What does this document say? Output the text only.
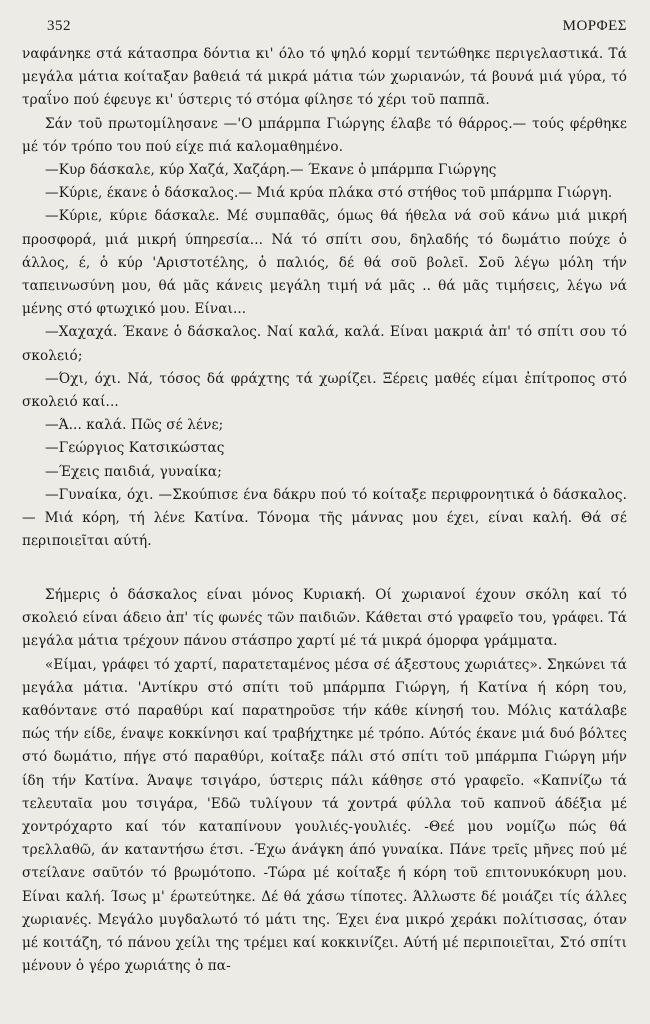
352	ΜΟΡΦΕΣ

ναφάνηκε στά κάτασπρα δόντια κι' όλο τό ψηλό κορμί τεντώθηκε περιγελαστικά. Τά μεγάλα μάτια κοίταξαν βαθειά τά μικρά μάτια τών χωριανών, τά βουνά μιά γύρα, τό τραΐνο πού έφευγε κι' ύστερις τό στόμα φίλησε τό χέρι τοῦ παππᾶ.

Σάν τοῦ πρωτομίλησανε —'Ο μπάρμπα Γιώργης έλαβε τό θάρρος.— τούς φέρθηκε μέ τόν τρόπο του πού είχε πιά καλομαθημένο.

—Κυρ δάσκαλε, κύρ Χαζά, Χαζάρη.— Έκανε ὁ μπάρμπα Γιώργης

—Κύριε, έκανε ὁ δάσκαλος.— Μιά κρύα πλάκα στό στήθος τοῦ μπάρμπα Γιώργη.

—Κύριε, κύριε δάσκαλε. Μέ συμπαθᾶς, όμως θά ήθελα νά σοῦ κάνω μιά μικρή προσφορά, μιά μικρή ύπηρεσία... Νά τό σπίτι σου, δηλαδής τό δωμάτιο πούχε ὁ άλλος, έ, ὁ κύρ 'Αριστοτέλης, ὁ παλιός, δέ θά σοῦ βολεῖ. Σοῦ λέγω μόλη τήν ταπεινωσύνη μου, θά μᾶς κάνεις μεγάλη τιμή νά μᾶς .. θά μᾶς τιμήσεις, λέγω νά μένης στό φτωχικό μου. Είναι...

—Χαχαχά. Έκανε ὁ δάσκαλος. Ναί καλά, καλά. Είναι μακριά ἀπ' τό σπίτι σου τό σκολειό;

—Όχι, όχι. Νά, τόσος δά φράχτης τά χωρίζει. Ξέρεις μαθές είμαι ἐπίτροπος στό σκολειό καί...

—Ά... καλά. Πῶς σέ λένε;

—Γεώργιος Κατσικώστας

—Έχεις παιδιά, γυναίκα;

—Γυναίκα, όχι. —Σκούπισε ένα δάκρυ πού τό κοίταξε περιφρονητικά ὁ δάσκαλος.— Μιά κόρη, τή λένε Κατίνα. Τόνομα τῆς μάννας μου έχει, είναι καλή. Θά σέ περιποιεῖται αύτή.

Σήμερις ὁ δάσκαλος είναι μόνος Κυριακή. Οί χωριανοί έχουν σκόλη καί τό σκολειό είναι άδειο ἀπ' τίς φωνές τῶν παιδιῶν. Κάθεται στό γραφεῖο του, γράφει. Τά μεγάλα μάτια τρέχουν πάνου στάσπρο χαρτί μέ τά μικρά όμορφα γράμματα.

«Είμαι, γράφει τό χαρτί, παρατεταμένος μέσα σέ άξεστους χωριάτες». Σηκώνει τά μεγάλα μάτια. 'Αντίκρυ στό σπίτι τοῦ μπάρμπα Γιώργη, ή Κατίνα ή κόρη του, καθόντανε στό παραθύρι καί παρατηροῦσε τήν κάθε κίνησή του. Μόλις κατάλαβε πώς τήν είδε, έναψε κοκκίνησι καί τραβήχτηκε μέ τρόπο. Αύτός έκανε μιά δυό βόλτες στό δωμάτιο, πήγε στό παραθύρι, κοίταξε πάλι στό σπίτι τοῦ μπάρμπα Γιώργη μήν ίδη τήν Κατίνα. Άναψε τσιγάρο, ύστερις πάλι κάθησε στό γραφεῖο. «Καπνίζω τά τελευταῖα μου τσιγάρα, 'Εδῶ τυλίγουν τά χοντρά φύλλα τοῦ καπνοῦ άδέξια μέ χοντρόχαρτο καί τόν καταπίνουν γουλιές-γουλιές. -Θεέ μου νομίζω πώς θά τρελλαθῶ, άν καταντήσω έτσι. -Έχω άνάγκη άπό γυναίκα. Πάνε τρεῖς μῆνες πού μέ στείλανε σαῦτόν τό βρωμότοπο. -Τώρα μέ κοίταξε ή κόρη τοῦ επιτονυκόκυρη μου. Είναι καλή. Ίσως μ' έρωτεύτηκε. Δέ θά χάσω τίποτες. Άλλωστε δέ μοιάζει τίς άλλες χωριανές. Μεγάλο μυγδαλωτό τό μάτι της. Έχει ένα μικρό χεράκι πολίτισσας, όταν μέ κοιτάζη, τό πάνου χείλι της τρέμει καί κοκκινίζει. Αύτή μέ περιποιεῖται, Στό σπίτι μένουν ὁ γέρο χωριάτης ὁ πα-
